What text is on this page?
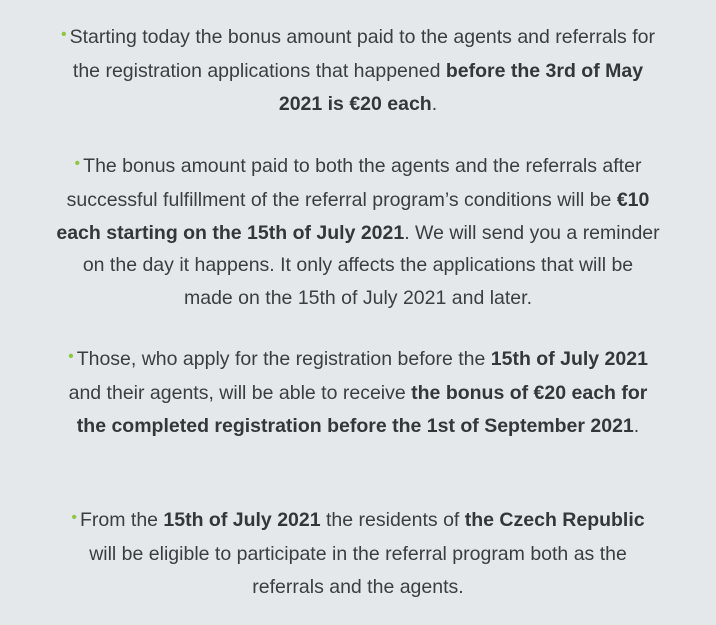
• Starting today the bonus amount paid to the agents and referrals for the registration applications that happened before the 3rd of May 2021 is €20 each.

• The bonus amount paid to both the agents and the referrals after successful fulfillment of the referral program’s conditions will be €10 each starting on the 15th of July 2021. We will send you a reminder on the day it happens. It only affects the applications that will be made on the 15th of July 2021 and later.

• Those, who apply for the registration before the 15th of July 2021 and their agents, will be able to receive the bonus of €20 each for the completed registration before the 1st of September 2021.

• From the 15th of July 2021 the residents of the Czech Republic will be eligible to participate in the referral program both as the referrals and the agents.
